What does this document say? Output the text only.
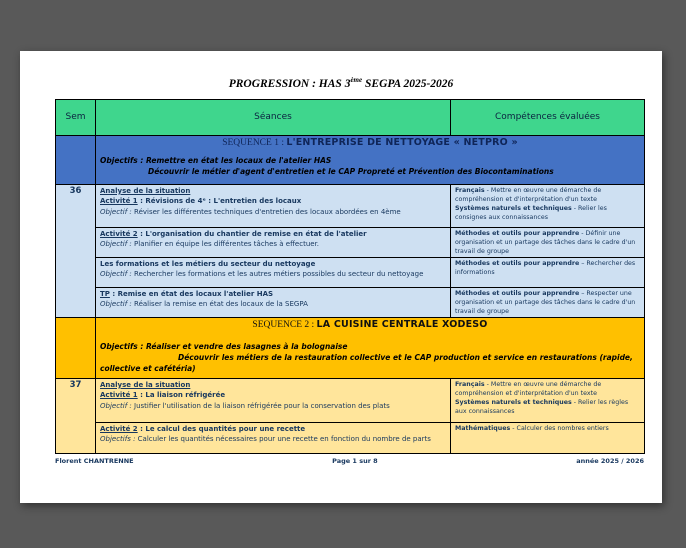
PROGRESSION : HAS 3ème SEGPA 2025-2026
Sem	Séances	Compétences évaluées

	SEQUENCE 1 : L'ENTREPRISE DE NETTOYAGE « NETPRO »
Objectifs : Remettre en état les locaux de l'atelier HAS
Découvrir le métier d'agent d'entretien et le CAP Propreté et Prévention des Biocontaminations	

36	Analyse de la situation
Activité 1 : Révisions de 4ᵉ : L'entretien des locaux
Objectif : Réviser les différentes techniques d'entretien des locaux abordées en 4ème
	Français - Mettre en œuvre une démarche de compréhension et d'interprétation d'un texte
Systèmes naturels et techniques - Relier les consignes aux connaissances

	Activité 2 : L'organisation du chantier de remise en état de l'atelier
Objectif : Planifier en équipe les différentes tâches à effectuer.	Méthodes et outils pour apprendre - Définir une organisation et un partage des tâches dans le cadre d'un travail de groupe

	Les formations et les métiers du secteur du nettoyage
Objectif : Rechercher les formations et les autres métiers possibles du secteur du nettoyage	Méthodes et outils pour apprendre – Rechercher des informations

	TP : Remise en état des locaux l'atelier HAS
Objectif : Réaliser la remise en état des locaux de la SEGPA	Méthodes et outils pour apprendre – Respecter une organisation et un partage des tâches dans le cadre d'un travail de groupe

	SEQUENCE 2 : LA CUISINE CENTRALE XODESO
Objectifs : Réaliser et vendre des lasagnes à la bolognaise
Découvrir les métiers de la restauration collective et le CAP production et service en restaurations (rapide,
collective et cafétéria)	

37	Analyse de la situation
Activité 1 : La liaison réfrigérée
Objectif : Justifier l'utilisation de la liaison réfrigérée pour la conservation des plats
	Français - Mettre en œuvre une démarche de compréhension et d'interprétation d'un texte
Systèmes naturels et techniques - Relier les règles aux connaissances

	Activité 2 : Le calcul des quantités pour une recette
Objectifs : Calculer les quantités nécessaires pour une recette en fonction du nombre de parts	Mathématiques - Calculer des nombres entiers
Florent CHANTRENNE	Page 1 sur 8	année 2025 / 2026
